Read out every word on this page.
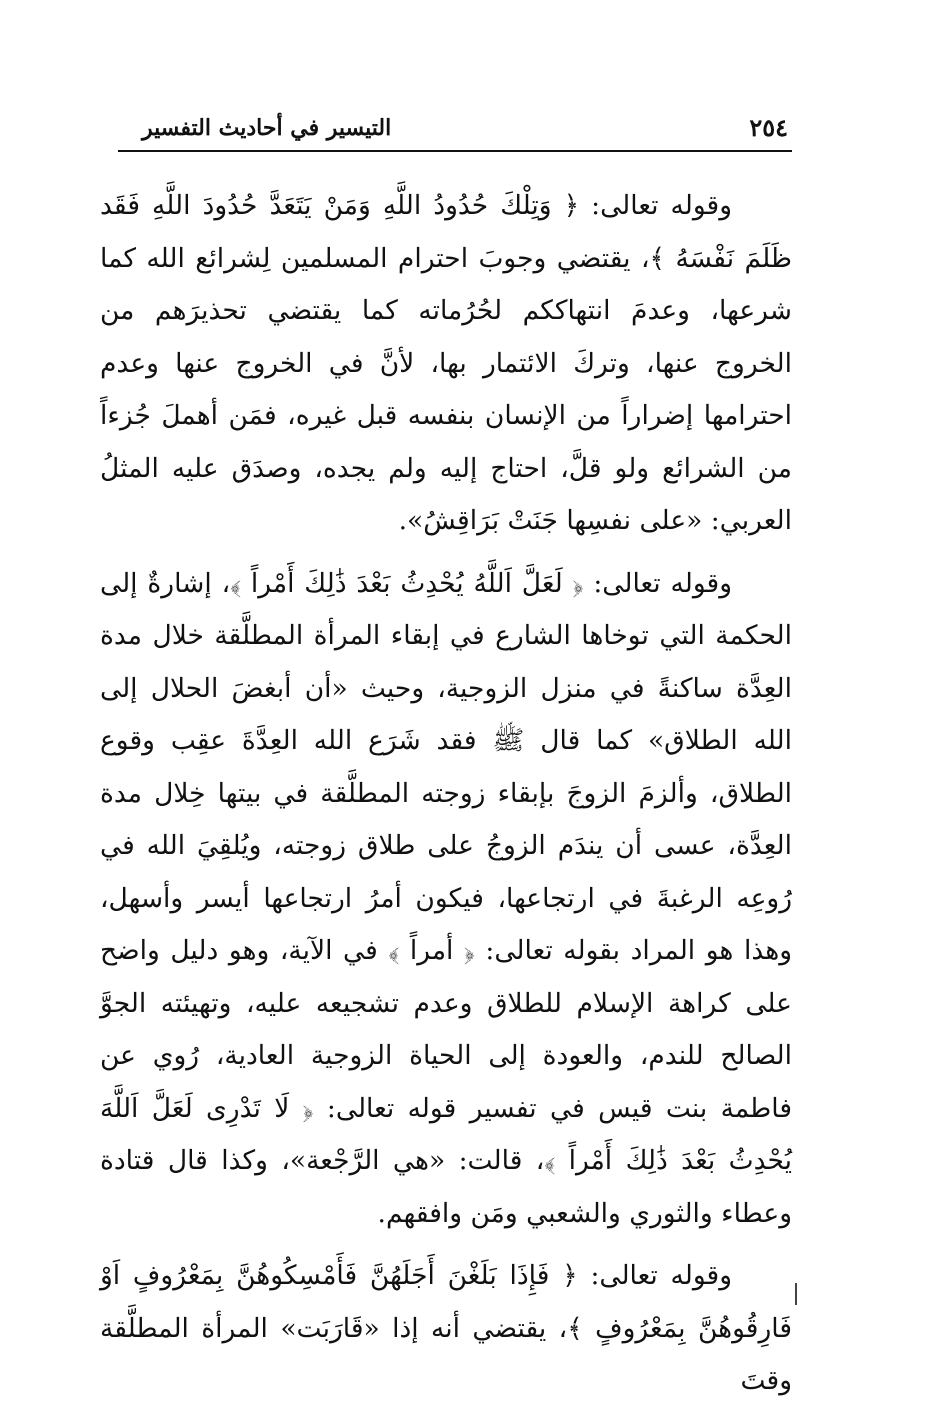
التيسير في أحاديث التفسير	٢٥٤

وقوله تعالى: ﴿ وَتِلْكَ حُدُودُ اللَّهِ وَمَنْ يَتَعَدَّ حُدُودَ اللَّهِ فَقَد ظَلَمَ نَفْسَهُ ﴾، يقتضي وجوبَ احترام المسلمين لِشرائع الله كما شرعها، وعدمَ انتهاككم لحُرُماته كما يقتضي تحذيرَهم من الخروج عنها، وتركَ الائتمار بها، لأنَّ في الخروج عنها وعدم احترامها إضراراً من الإنسان بنفسه قبل غيره، فمَن أهملَ جُزءاً من الشرائع ولو قلَّ، احتاج إليه ولم يجده، وصدَق عليه المثلُ العربي: «على نفسِها جَنَتْ بَرَاقِشُ».

وقوله تعالى: ﴿ لَعَلَّ اَللَّهُ يُحْدِثُ بَعْدَ ذَٰلِكَ أَمْراً ﴾، إشارةٌ إلى الحكمة التي توخاها الشارع في إبقاء المرأة المطلَّقة خلال مدة العِدَّة ساكنةً في منزل الزوجية، وحيث «أن أبغضَ الحلال إلى الله الطلاق» كما قال ﷺ فقد شَرَع الله العِدَّةَ عقِب وقوع الطلاق، وألزمَ الزوجَ بإبقاء زوجته المطلَّقة في بيتها خِلال مدة العِدَّة، عسى أن يندَم الزوجُ على طلاق زوجته، ويُلقِيَ الله في رُوعِه الرغبةَ في ارتجاعها، فيكون أمرُ ارتجاعها أيسر وأسهل، وهذا هو المراد بقوله تعالى: ﴿ أمراً ﴾ في الآية، وهو دليل واضح على كراهة الإسلام للطلاق وعدم تشجيعه عليه، وتهيئته الجوَّ الصالح للندم، والعودة إلى الحياة الزوجية العادية، رُوي عن فاطمة بنت قيس في تفسير قوله تعالى: ﴿ لَا تَدْرِى لَعَلَّ اَللَّهَ يُحْدِثُ بَعْدَ ذَٰلِكَ أَمْراً ﴾، قالت: «هي الرَّجْعة»، وكذا قال قتادة وعطاء والثوري والشعبي ومَن وافقهم.

وقوله تعالى: ﴿ فَإِذَا بَلَغْنَ أَجَلَهُنَّ فَأَمْسِكُوهُنَّ بِمَعْرُوفٍ اَوْ فَارِقُوهُنَّ بِمَعْرُوفٍ ﴾، يقتضي أنه إذا «قَارَبَت» المرأة المطلَّقة وقتَ
